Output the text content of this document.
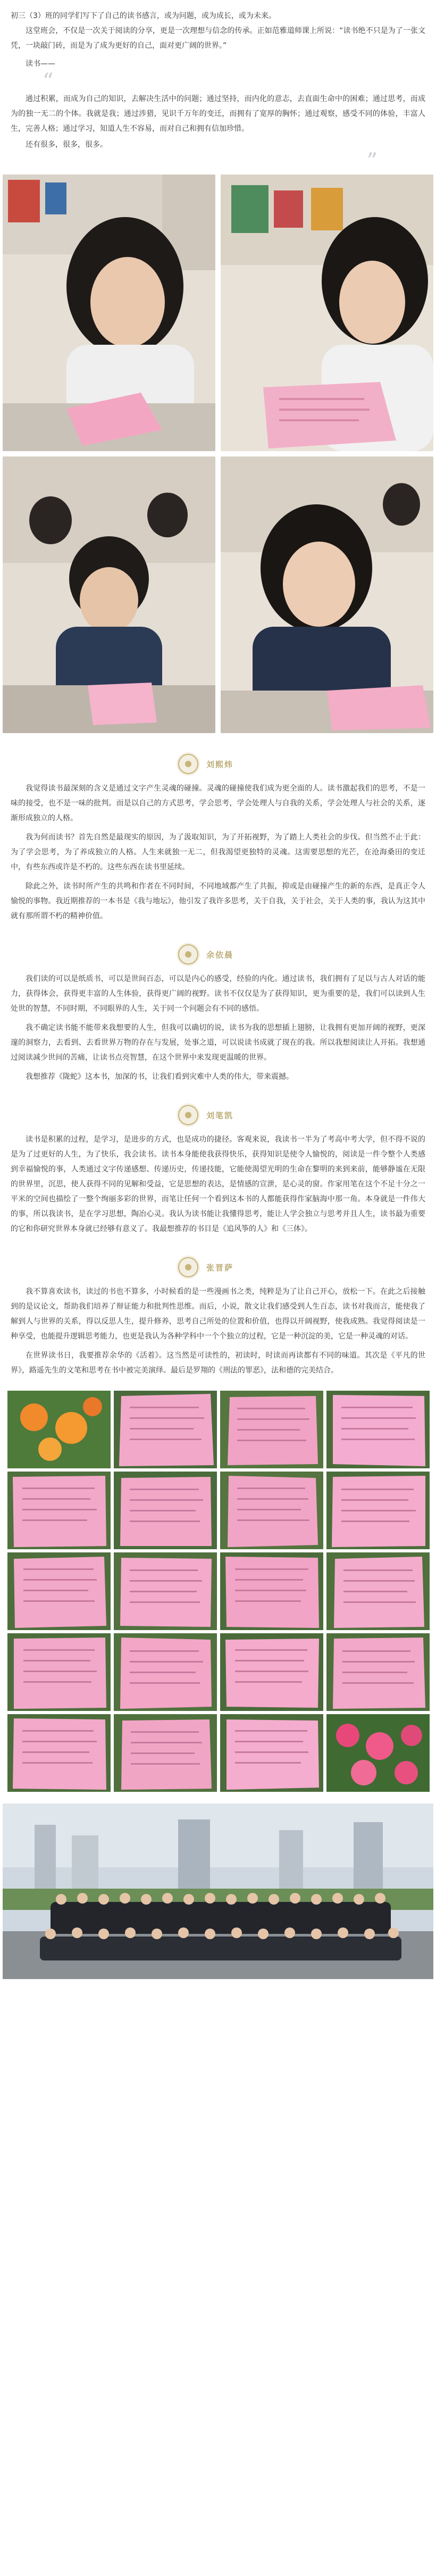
初三（3）班的同学们写下了自己的读书感言，或为问题，或为成长，或为未来。

这堂班会，不仅是一次关于阅读的分享，更是一次理想与信念的传承。正如范雅道师课上所说：“读书绝不只是为了一张文凭，一块敲门砖，而是为了成为更好的自己，面对更广阔的世界。”

读书——

“

通过积累，而成为自己的知识，去解决生活中的问题；通过坚持，而内化的意志，去直面生命中的困难；通过思考，而成为的独一无二的个体。我就是我；通过涉猎，见识千万年的变迁，而拥有了宽厚的胸怀；通过观察，感受不同的体验，丰富人生，完善人格；通过学习，知道人生不容易，而对自己和拥有信加珍惜。

还有很多，很多，很多。

”
刘熙炜

我觉得读书最深刻的含义是通过文字产生灵魂的碰撞。灵魂的碰撞使我们成为更全面的人。读书激起我们的思考，不是一味的接受，也不是一味的批判。而是以自己的方式思考，学会思考，学会处理人与自我的关系，学会处理人与社会的关系，逐渐形成独立的人格。

我为何而读书？首先自然是最现实的原因，为了汲取知识，为了开拓视野，为了踏上人类社会的步伐。但当然不止于此：为了学会思考，为了养成独立的人格。人生来就独一无二，但我渴望更独特的灵魂。这需要思想的光芒，在沧海桑田的变迁中，有些东西或许是不朽的。这些东西在读书里延续。

除此之外，读书时所产生的共鸣和作者在不同时间，不同地域都产生了共振，抑或是由碰撞产生的新的东西，是真正令人愉悦的事物。我近期推荐的一本书是《我与地坛》，他引发了我许多思考，关于自我，关于社会，关于人类的事，我认为这其中就有那所谓不朽的精神价值。

余依晨

我们读的可以是纸质书，可以是世间百态，可以是内心的感受，经验的内化。通过读书，我们拥有了足以与古人对话的能力，获得体会，获得更丰富的人生体验，获得更广阔的视野。读书不仅仅是为了获得知识，更为重要的是，我们可以读到人生处世的智慧，不同时期，不同眼界的人生，关于同一个问题会有不同的感悟。

我不确定读书能不能带来我想要的人生，但我可以确切的说，读书为我的思想插上翅膀，让我拥有更加开阔的视野，更深邃的洞察力，去看到、去看世界万物的存在与发展，处事之道，可以说读书成就了现在的我。所以我想阅读让人开拓。我想通过阅读减少世间的苦痛，让读书点亮智慧，在这个世界中来发现更温暖的世界。

我想推荐《陇蛇》这本书，加深的书，让我们看到灾难中人类的伟大，带来震撼。

刘笔凯

读书是积累的过程，是学习，是进步的方式，也是成功的捷径。客观来说，我读书一半为了考高中考大学，但不得不说的是为了过更好的人生，为了快乐，我会读书。读书本身能使我获得快乐，获得知识是使令人愉悦的，阅读是一件令整个人类感到幸福愉悦的事，人类通过文字传递感想、传递历史，传递技能，它能使渴望光明的生命在黎明的来到来前，能够静谧在无限的世界里，沉思，使人获得不同的见解和受益，它是思想的表达，是情感的宣泄，是心灵的窗。作家用笔在这个不足十分之一平米的空间也描绘了一整个绚丽多彩的世界，而笔让任何一个看到这本书的人都能获得作家脑海中那一角。本身就是一件伟大的事，所以我读书，是在学习思想，陶冶心灵。我认为读书能让我懂得思考，能让人学会独立与思考并且人生，读书最为重要的它和你研究世界本身就已经够有意义了。我最想推荐的书目是《追风筝的人》和《三体》。

张晋萨

我不算喜欢读书，读过的书也不算多，小时候看的是一些漫画书之类，纯粹是为了让自己开心，放松一下。在此之后接触到的是议论文，帮助我们培养了辩证能力和批判性思维。而后，小说，散文让我们感受到人生百态，读书对我而言，能使我了解到人与世界的关系，得以反思人生，提升修养，思考自己所处的位置和价值，也得以开阔视野，使我成熟。我觉得阅读是一种享受，也能提升逻辑思考能力，也更是我认为各种学科中一个个独立的过程，它是一种沉淀的美，它是一种灵魂的对话。

在世界读书日，我要推荐余华的《活着》。这当然是可读性的，初读时，时读而再读都有不同的味道。其次是《平凡的世界》，路遥先生的文笔和思考在书中被完美演绎。最后是罗翔的《刑法的罪恶》，法和德的完美结合。
